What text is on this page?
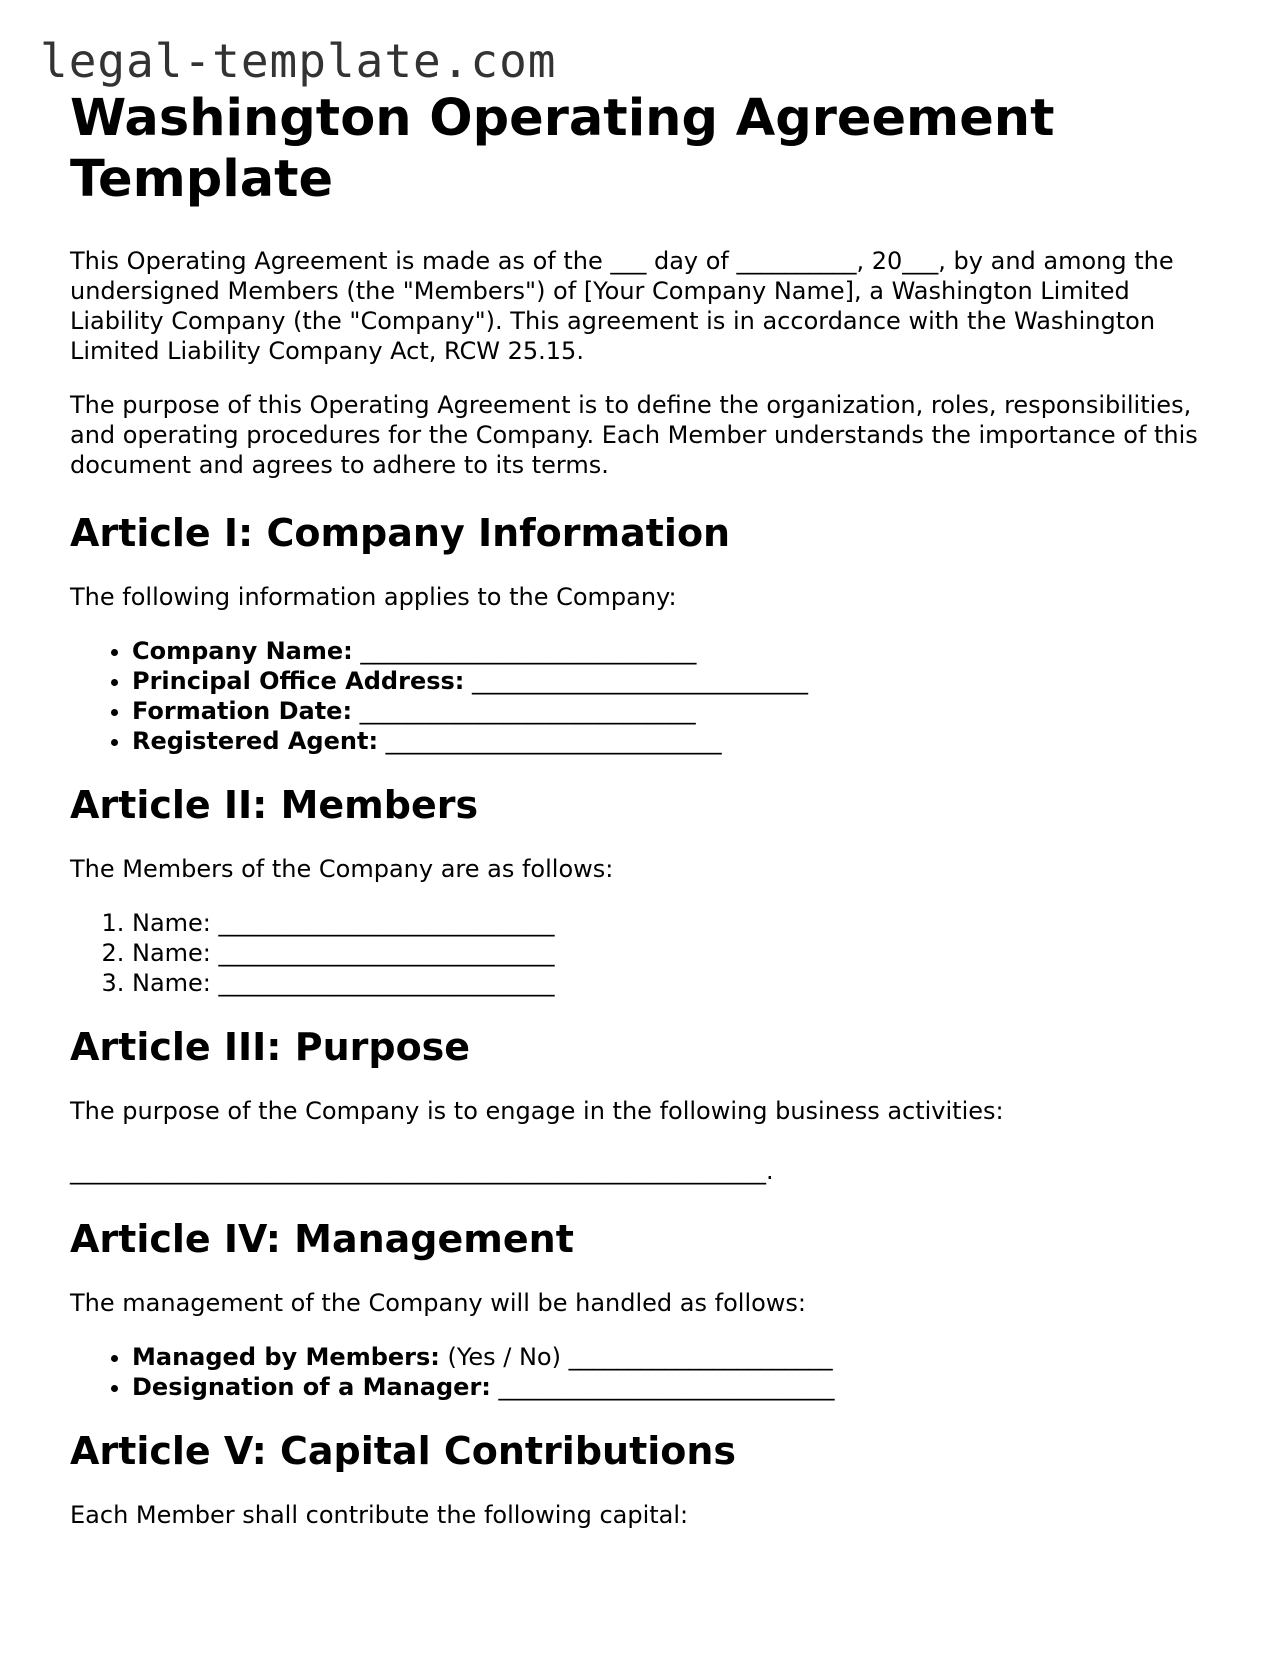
legal-template.com
Washington Operating Agreement Template

This Operating Agreement is made as of the ___ day of __________, 20___, by and among the undersigned Members (the "Members") of [Your Company Name], a Washington Limited Liability Company (the "Company"). This agreement is in accordance with the Washington Limited Liability Company Act, RCW 25.15.

The purpose of this Operating Agreement is to define the organization, roles, responsibilities, and operating procedures for the Company. Each Member understands the importance of this document and agrees to adhere to its terms.

Article I: Company Information

The following information applies to the Company:

• Company Name: ____________________________
• Principal Office Address: ____________________________
• Formation Date: ____________________________
• Registered Agent: ____________________________
Article II: Members

The Members of the Company are as follows:

1. Name: ____________________________
2. Name: ____________________________
3. Name: ____________________________
Article III: Purpose

The purpose of the Company is to engage in the following business activities:

__________________________________________________________.

Article IV: Management

The management of the Company will be handled as follows:

• Managed by Members: (Yes / No) ______________________
• Designation of a Manager: ____________________________
Article V: Capital Contributions

Each Member shall contribute the following capital:
